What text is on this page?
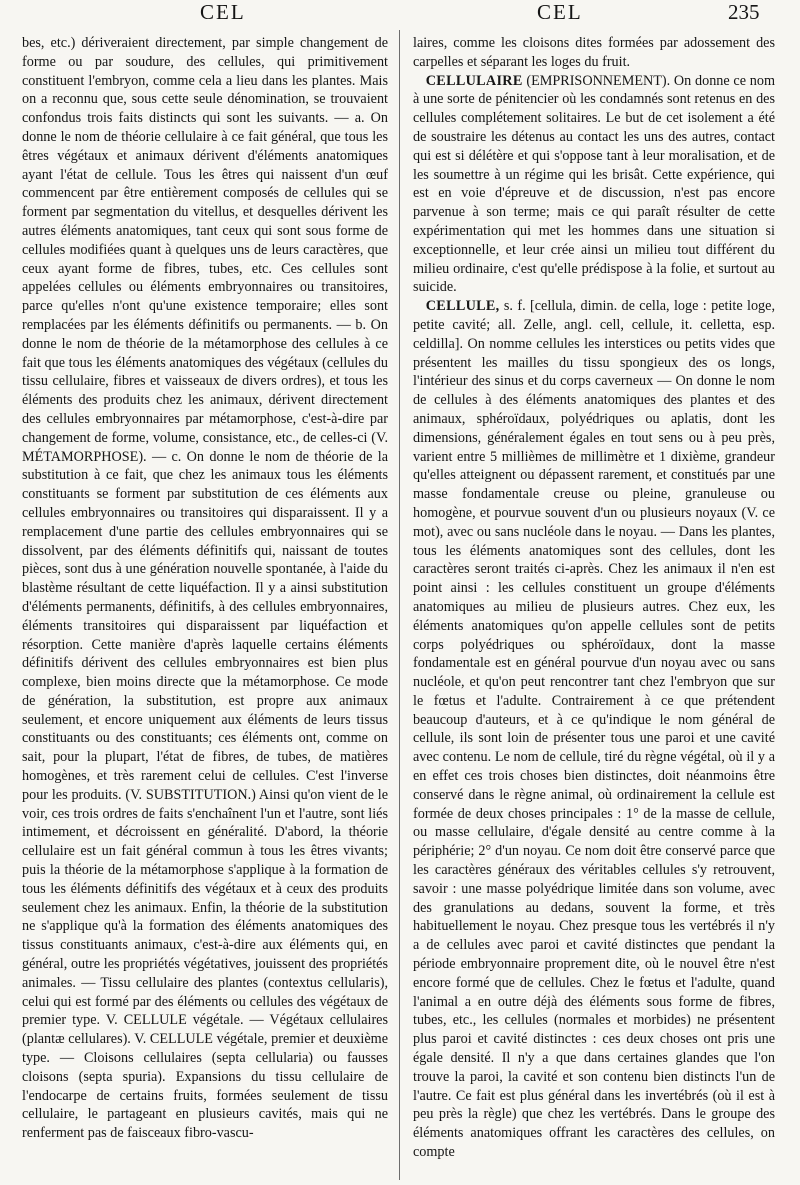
CEL	CEL	235

bes, etc.) dériveraient directement, par simple changement de forme ou par soudure, des cellules, qui primitivement constituent l'embryon, comme cela a lieu dans les plantes. Mais on a reconnu que, sous cette seule dénomination, se trouvaient confondus trois faits distincts qui sont les suivants. — a. On donne le nom de théorie cellulaire à ce fait général, que tous les êtres végétaux et animaux dérivent d'éléments anatomiques ayant l'état de cellule. Tous les êtres qui naissent d'un œuf commencent par être entièrement composés de cellules qui se forment par segmentation du vitellus, et desquelles dérivent les autres éléments anatomiques, tant ceux qui sont sous forme de cellules modifiées quant à quelques uns de leurs caractères, que ceux ayant forme de fibres, tubes, etc. Ces cellules sont appelées cellules ou éléments embryonnaires ou transitoires, parce qu'elles n'ont qu'une existence temporaire; elles sont remplacées par les éléments définitifs ou permanents. — b. On donne le nom de théorie de la métamorphose des cellules à ce fait que tous les éléments anatomiques des végétaux (cellules du tissu cellulaire, fibres et vaisseaux de divers ordres), et tous les éléments des produits chez les animaux, dérivent directement des cellules embryonnaires par métamorphose, c'est-à-dire par changement de forme, volume, consistance, etc., de celles-ci (V. MÉTAMORPHOSE). — c. On donne le nom de théorie de la substitution à ce fait, que chez les animaux tous les éléments constituants se forment par substitution de ces éléments aux cellules embryonnaires ou transitoires qui disparaissent. Il y a remplacement d'une partie des cellules embryonnaires qui se dissolvent, par des éléments définitifs qui, naissant de toutes pièces, sont dus à une génération nouvelle spontanée, à l'aide du blastème résultant de cette liquéfaction. Il y a ainsi substitution d'éléments permanents, définitifs, à des cellules embryonnaires, éléments transitoires qui disparaissent par liquéfaction et résorption. Cette manière d'après laquelle certains éléments définitifs dérivent des cellules embryonnaires est bien plus complexe, bien moins directe que la métamorphose. Ce mode de génération, la substitution, est propre aux animaux seulement, et encore uniquement aux éléments de leurs tissus constituants ou des constituants; ces éléments ont, comme on sait, pour la plupart, l'état de fibres, de tubes, de matières homogènes, et très rarement celui de cellules. C'est l'inverse pour les produits. (V. SUBSTITUTION.) Ainsi qu'on vient de le voir, ces trois ordres de faits s'enchaînent l'un et l'autre, sont liés intimement, et décroissent en généralité. D'abord, la théorie cellulaire est un fait général commun à tous les êtres vivants; puis la théorie de la métamorphose s'applique à la formation de tous les éléments définitifs des végétaux et à ceux des produits seulement chez les animaux. Enfin, la théorie de la substitution ne s'applique qu'à la formation des éléments anatomiques des tissus constituants animaux, c'est-à-dire aux éléments qui, en général, outre les propriétés végétatives, jouissent des propriétés animales. — Tissu cellulaire des plantes (contextus cellularis), celui qui est formé par des éléments ou cellules des végétaux de premier type. V. CELLULE végétale. — Végétaux cellulaires (plantæ cellulares). V. CELLULE végétale, premier et deuxième type. — Cloisons cellulaires (septa cellularia) ou fausses cloisons (septa spuria). Expansions du tissu cellulaire de l'endocarpe de certains fruits, formées seulement de tissu cellulaire, le partageant en plusieurs cavités, mais qui ne renferment pas de faisceaux fibro-vascu-

laires, comme les cloisons dites formées par adossement des carpelles et séparant les loges du fruit.

CELLULAIRE (EMPRISONNEMENT). On donne ce nom à une sorte de pénitencier où les condamnés sont retenus en des cellules complétement solitaires. Le but de cet isolement a été de soustraire les détenus au contact les uns des autres, contact qui est si délétère et qui s'oppose tant à leur moralisation, et de les soumettre à un régime qui les brisât. Cette expérience, qui est en voie d'épreuve et de discussion, n'est pas encore parvenue à son terme; mais ce qui paraît résulter de cette expérimentation qui met les hommes dans une situation si exceptionnelle, et leur crée ainsi un milieu tout différent du milieu ordinaire, c'est qu'elle prédispose à la folie, et surtout au suicide.

CELLULE, s. f. [cellula, dimin. de cella, loge : petite loge, petite cavité; all. Zelle, angl. cell, cellule, it. celletta, esp. celdilla]. On nomme cellules les interstices ou petits vides que présentent les mailles du tissu spongieux des os longs, l'intérieur des sinus et du corps caverneux — On donne le nom de cellules à des éléments anatomiques des plantes et des animaux, sphéroïdaux, polyédriques ou aplatis, dont les dimensions, généralement égales en tout sens ou à peu près, varient entre 5 millièmes de millimètre et 1 dixième, grandeur qu'elles atteignent ou dépassent rarement, et constitués par une masse fondamentale creuse ou pleine, granuleuse ou homogène, et pourvue souvent d'un ou plusieurs noyaux (V. ce mot), avec ou sans nucléole dans le noyau. — Dans les plantes, tous les éléments anatomiques sont des cellules, dont les caractères seront traités ci-après. Chez les animaux il n'en est point ainsi : les cellules constituent un groupe d'éléments anatomiques au milieu de plusieurs autres. Chez eux, les éléments anatomiques qu'on appelle cellules sont de petits corps polyédriques ou sphéroïdaux, dont la masse fondamentale est en général pourvue d'un noyau avec ou sans nucléole, et qu'on peut rencontrer tant chez l'embryon que sur le fœtus et l'adulte. Contrairement à ce que prétendent beaucoup d'auteurs, et à ce qu'indique le nom général de cellule, ils sont loin de présenter tous une paroi et une cavité avec contenu. Le nom de cellule, tiré du règne végétal, où il y a en effet ces trois choses bien distinctes, doit néanmoins être conservé dans le règne animal, où ordinairement la cellule est formée de deux choses principales : 1° de la masse de cellule, ou masse cellulaire, d'égale densité au centre comme à la périphérie; 2° d'un noyau. Ce nom doit être conservé parce que les caractères généraux des véritables cellules s'y retrouvent, savoir : une masse polyédrique limitée dans son volume, avec des granulations au dedans, souvent la forme, et très habituellement le noyau. Chez presque tous les vertébrés il n'y a de cellules avec paroi et cavité distinctes que pendant la période embryonnaire proprement dite, où le nouvel être n'est encore formé que de cellules. Chez le fœtus et l'adulte, quand l'animal a en outre déjà des éléments sous forme de fibres, tubes, etc., les cellules (normales et morbides) ne présentent plus paroi et cavité distinctes : ces deux choses ont pris une égale densité. Il n'y a que dans certaines glandes que l'on trouve la paroi, la cavité et son contenu bien distincts l'un de l'autre. Ce fait est plus général dans les invertébrés (où il est à peu près la règle) que chez les vertébrés. Dans le groupe des éléments anatomiques offrant les caractères des cellules, on compte
